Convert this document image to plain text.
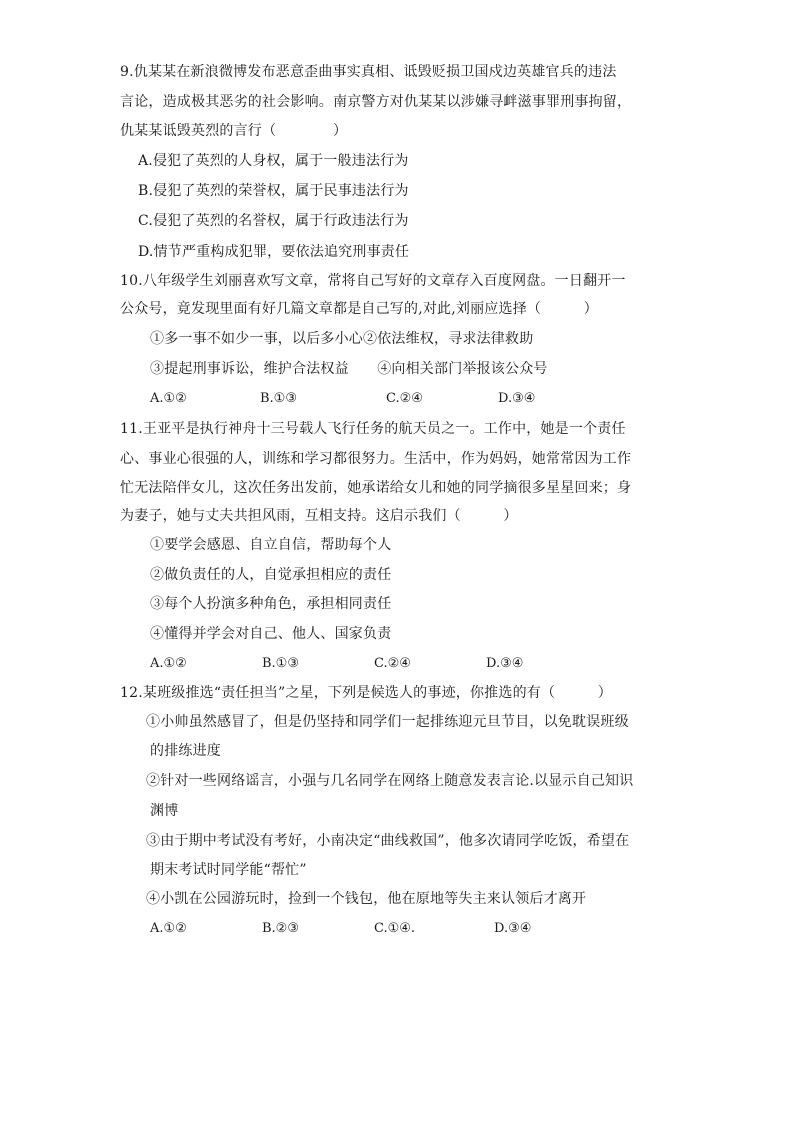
9.仇某某在新浪微博发布恶意歪曲事实真相、诋毁贬损卫国戍边英雄官兵的违法
言论，造成极其恶劣的社会影响。南京警方对仇某某以涉嫌寻衅滋事罪刑事拘留，
仇某某诋毁英烈的言行（　　　　）
A.侵犯了英烈的人身权，属于一般违法行为
B.侵犯了英烈的荣誉权，属于民事违法行为
C.侵犯了英烈的名誉权，属于行政违法行为
D.情节严重构成犯罪，要依法追究刑事责任
10.八年级学生刘丽喜欢写文章，常将自己写好的文章存入百度网盘。一日翻开一
公众号，竟发现里面有好几篇文章都是自己写的,对此,刘丽应选择（　　　）
①多一事不如少一事，以后多小心②依法维权，寻求法律救助
③提起刑事诉讼，维护合法权益　　④向相关部门举报该公众号
A.①②	B.①③	C.②④	D.③④
11.王亚平是执行神舟十三号载人飞行任务的航天员之一。工作中，她是一个责任
心、事业心很强的人，训练和学习都很努力。生活中，作为妈妈，她常常因为工作
忙无法陪伴女儿，这次任务出发前，她承诺给女儿和她的同学摘很多星星回来；身
为妻子，她与丈夫共担风雨，互相支持。这启示我们（　　　）
①要学会感恩、自立自信，帮助每个人
②做负责任的人，自觉承担相应的责任
③每个人扮演多种角色，承担相同责任
④懂得并学会对自己、他人、国家负责
A.①②	B.①③	C.②④	D.③④
12.某班级推选“责任担当”之星，下列是候选人的事迹，你推选的有（　　　）
①小帅虽然感冒了，但是仍坚持和同学们一起排练迎元旦节目，以免耽误班级
的排练进度
②针对一些网络谣言，小强与几名同学在网络上随意发表言论.以显示自己知识
渊博
③由于期中考试没有考好，小南决定“曲线救国”，他多次请同学吃饭，希望在
期末考试时同学能“帮忙”
④小凯在公园游玩时，捡到一个钱包，他在原地等失主来认领后才离开
A.①②	B.②③	C.①④.	D.③④
